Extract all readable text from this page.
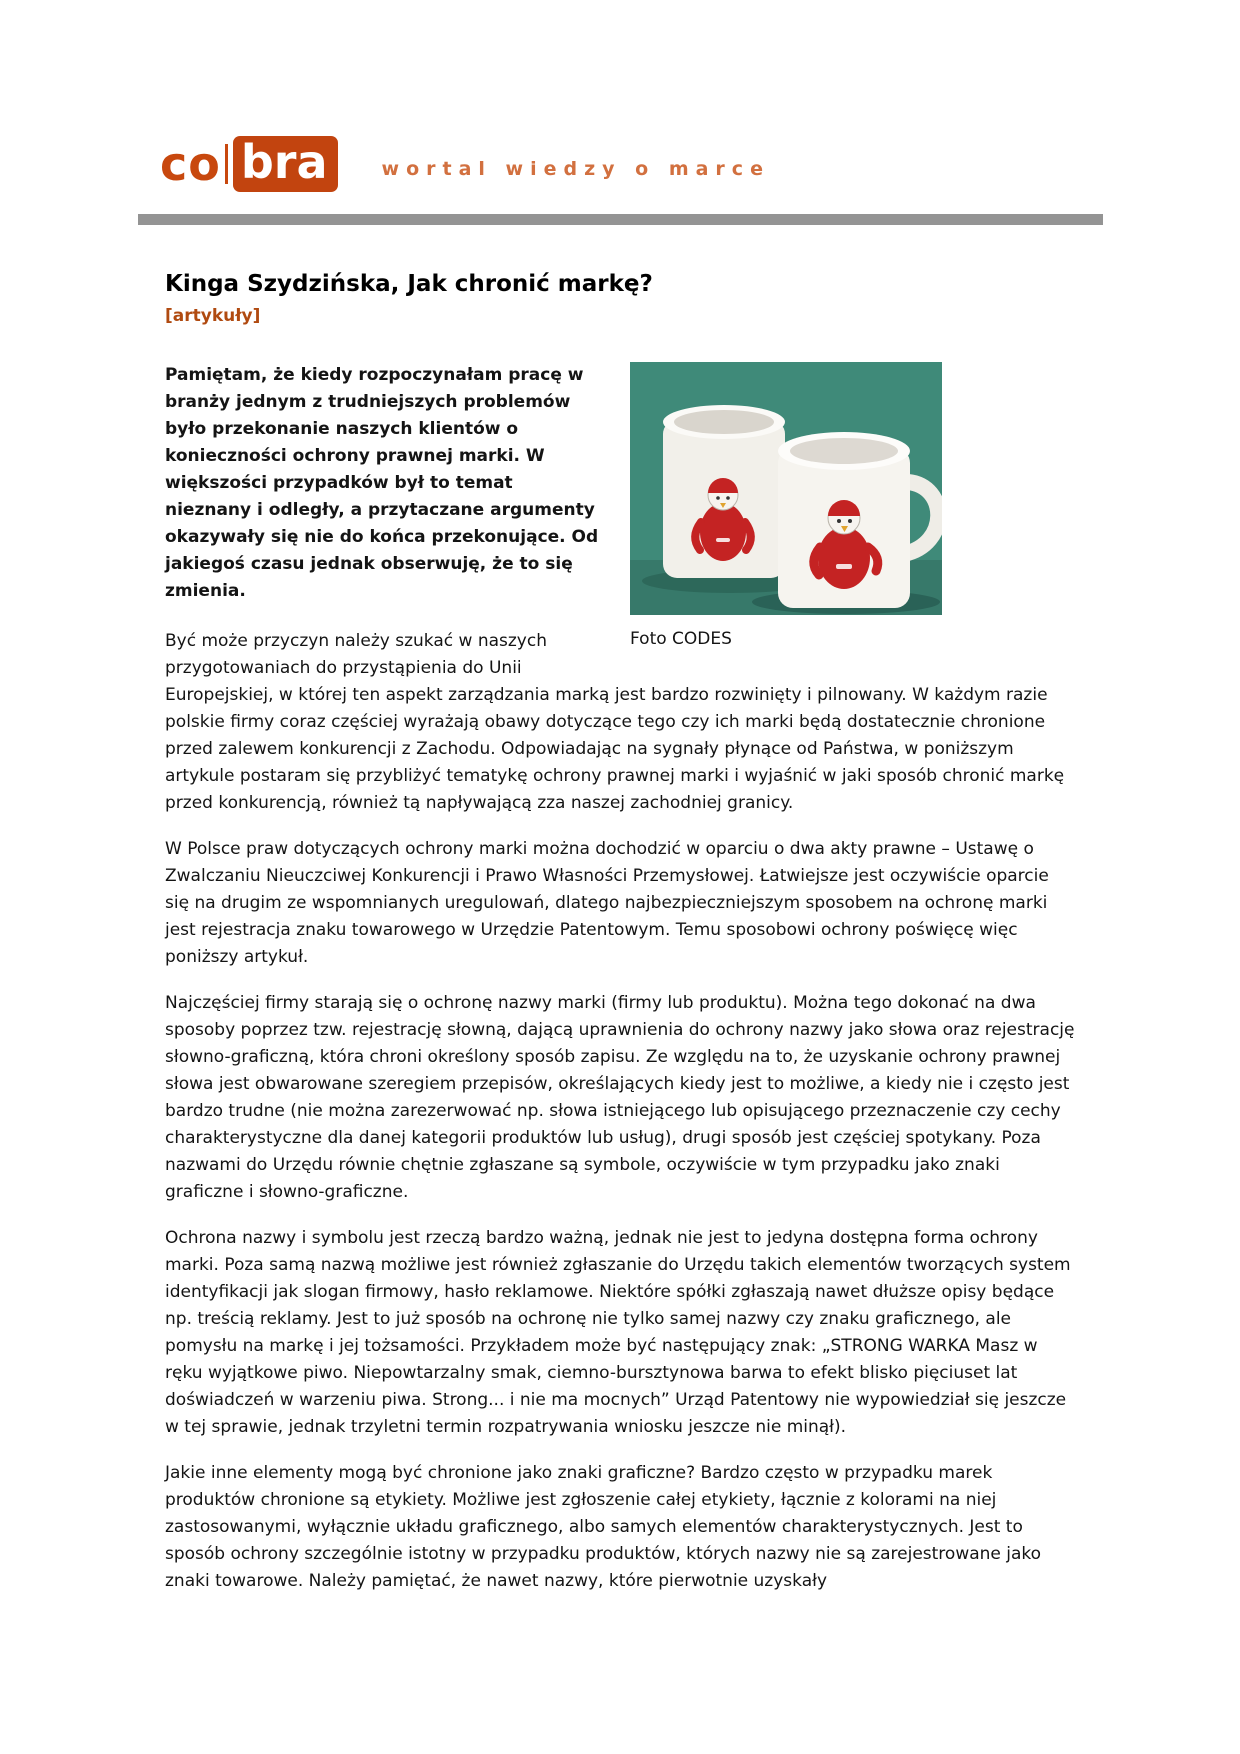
co bra	wortal wiedzy o marce
Kinga Szydzińska, Jak chronić markę?
[artykuły]
Foto CODES

Pamiętam, że kiedy rozpoczynałam pracę w branży jednym z trudniejszych problemów było przekonanie naszych klientów o konieczności ochrony prawnej marki. W większości przypadków był to temat nieznany i odległy, a przytaczane argumenty okazywały się nie do końca przekonujące. Od jakiegoś czasu jednak obserwuję, że to się zmienia.

Być może przyczyn należy szukać w naszych przygotowaniach do przystąpienia do Unii Europejskiej, w której ten aspekt zarządzania marką jest bardzo rozwinięty i pilnowany. W każdym razie polskie firmy coraz częściej wyrażają obawy dotyczące tego czy ich marki będą dostatecznie chronione przed zalewem konkurencji z Zachodu. Odpowiadając na sygnały płynące od Państwa, w poniższym artykule postaram się przybliżyć tematykę ochrony prawnej marki i wyjaśnić w jaki sposób chronić markę przed konkurencją, również tą napływającą zza naszej zachodniej granicy.

W Polsce praw dotyczących ochrony marki można dochodzić w oparciu o dwa akty prawne – Ustawę o Zwalczaniu Nieuczciwej Konkurencji i Prawo Własności Przemysłowej. Łatwiejsze jest oczywiście oparcie się na drugim ze wspomnianych uregulowań, dlatego najbezpieczniejszym sposobem na ochronę marki jest rejestracja znaku towarowego w Urzędzie Patentowym. Temu sposobowi ochrony poświęcę więc poniższy artykuł.

Najczęściej firmy starają się o ochronę nazwy marki (firmy lub produktu). Można tego dokonać na dwa sposoby poprzez tzw. rejestrację słowną, dającą uprawnienia do ochrony nazwy jako słowa oraz rejestrację słowno-graficzną, która chroni określony sposób zapisu. Ze względu na to, że uzyskanie ochrony prawnej słowa jest obwarowane szeregiem przepisów, określających kiedy jest to możliwe, a kiedy nie i często jest bardzo trudne (nie można zarezerwować np. słowa istniejącego lub opisującego przeznaczenie czy cechy charakterystyczne dla danej kategorii produktów lub usług), drugi sposób jest częściej spotykany. Poza nazwami do Urzędu równie chętnie zgłaszane są symbole, oczywiście w tym przypadku jako znaki graficzne i słowno-graficzne.

Ochrona nazwy i symbolu jest rzeczą bardzo ważną, jednak nie jest to jedyna dostępna forma ochrony marki. Poza samą nazwą możliwe jest również zgłaszanie do Urzędu takich elementów tworzących system identyfikacji jak slogan firmowy, hasło reklamowe. Niektóre spółki zgłaszają nawet dłuższe opisy będące np. treścią reklamy. Jest to już sposób na ochronę nie tylko samej nazwy czy znaku graficznego, ale pomysłu na markę i jej tożsamości. Przykładem może być następujący znak: „STRONG WARKA Masz w ręku wyjątkowe piwo. Niepowtarzalny smak, ciemno-bursztynowa barwa to efekt blisko pięciuset lat doświadczeń w warzeniu piwa. Strong... i nie ma mocnych” Urząd Patentowy nie wypowiedział się jeszcze w tej sprawie, jednak trzyletni termin rozpatrywania wniosku jeszcze nie minął).

Jakie inne elementy mogą być chronione jako znaki graficzne? Bardzo często w przypadku marek produktów chronione są etykiety. Możliwe jest zgłoszenie całej etykiety, łącznie z kolorami na niej zastosowanymi, wyłącznie układu graficznego, albo samych elementów charakterystycznych. Jest to sposób ochrony szczególnie istotny w przypadku produktów, których nazwy nie są zarejestrowane jako znaki towarowe. Należy pamiętać, że nawet nazwy, które pierwotnie uzyskały
